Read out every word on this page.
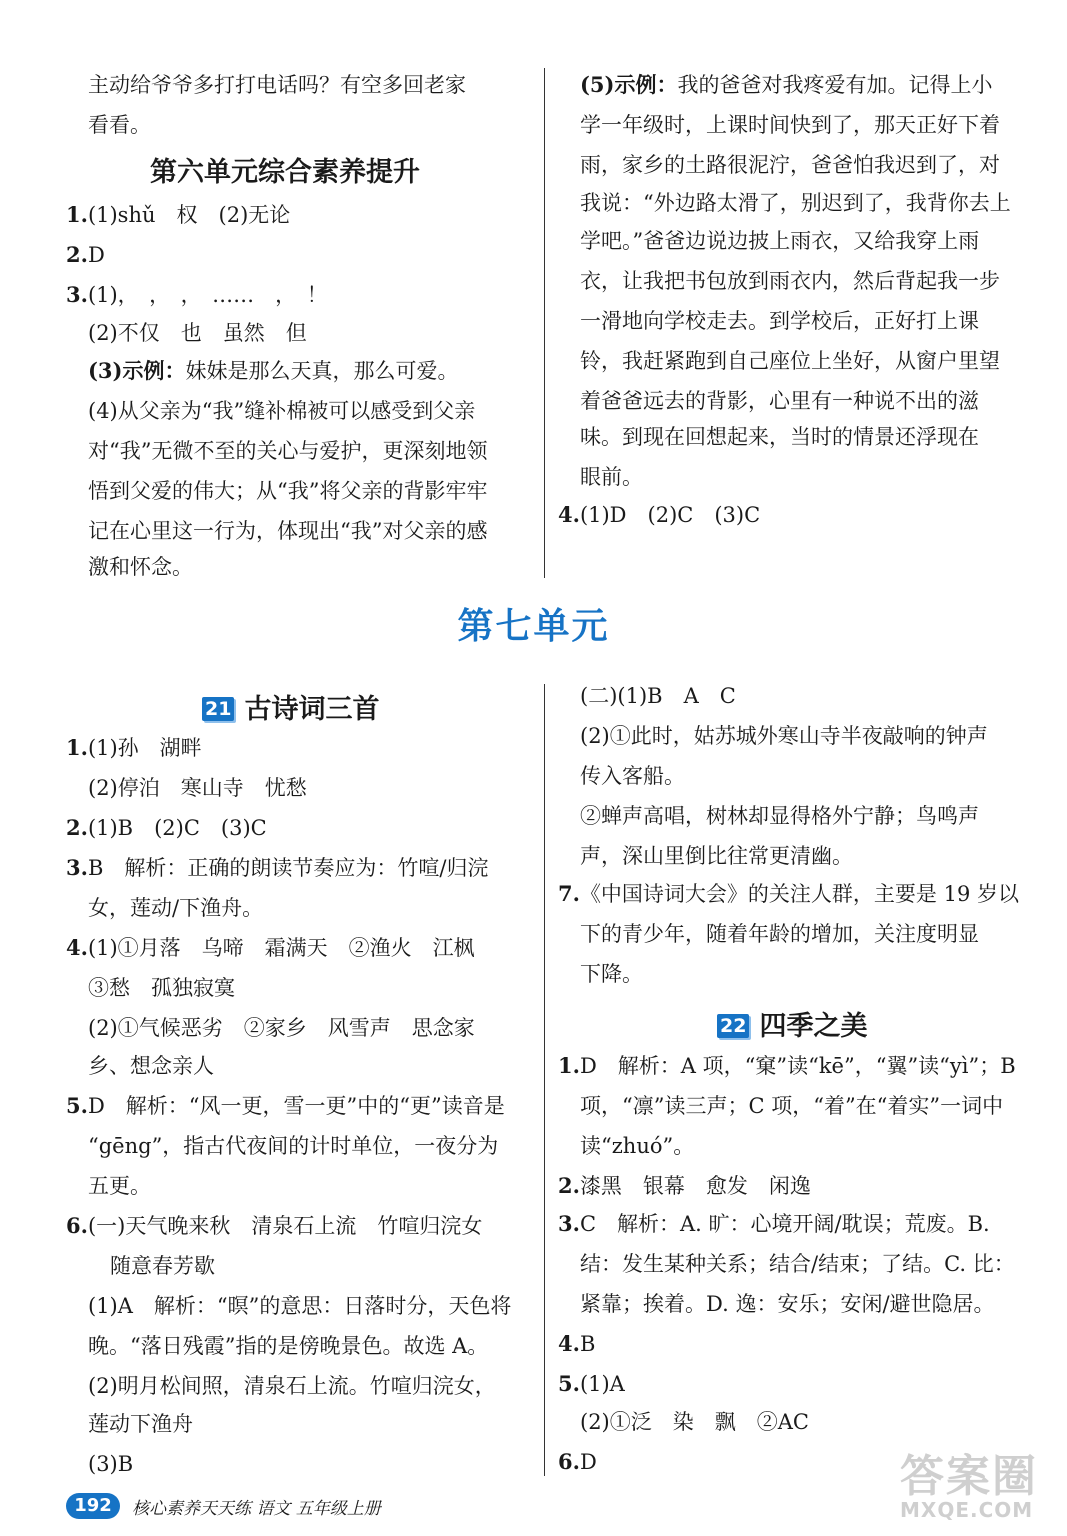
主动给爷爷多打打电话吗？有空多回老家
看看。
第六单元综合素养提升
1.(1)shǔ　权　(2)无论
2.D
3.(1)，　，　，　……　，　！
(2)不仅　也　虽然　但
(3)示例：妹妹是那么天真，那么可爱。
(4)从父亲为“我”缝补棉被可以感受到父亲
对“我”无微不至的关心与爱护，更深刻地领
悟到父爱的伟大；从“我”将父亲的背影牢牢
记在心里这一行为，体现出“我”对父亲的感
激和怀念。
(5)示例：我的爸爸对我疼爱有加。记得上小
学一年级时，上课时间快到了，那天正好下着
雨，家乡的土路很泥泞，爸爸怕我迟到了，对
我说：“外边路太滑了，别迟到了，我背你去上
学吧。”爸爸边说边披上雨衣，又给我穿上雨
衣，让我把书包放到雨衣内，然后背起我一步
一滑地向学校走去。到学校后，正好打上课
铃，我赶紧跑到自己座位上坐好，从窗户里望
着爸爸远去的背影，心里有一种说不出的滋
味。到现在回想起来，当时的情景还浮现在
眼前。
4.(1)D　(2)C　(3)C
第七单元
21 古诗词三首
1.(1)孙　湖畔
(2)停泊　寒山寺　忧愁
2.(1)B　(2)C　(3)C
3.B　解析：正确的朗读节奏应为：竹喧/归浣
女，莲动/下渔舟。
4.(1)①月落　乌啼　霜满天　②渔火　江枫
③愁　孤独寂寞
(2)①气候恶劣　②家乡　风雪声　思念家
乡、想念亲人
5.D　解析：“风一更，雪一更”中的“更”读音是
“gēng”，指古代夜间的计时单位，一夜分为
五更。
6.(一)天气晚来秋　清泉石上流　竹喧归浣女
随意春芳歇
(1)A　解析：“暝”的意思：日落时分，天色将
晚。“落日残霞”指的是傍晚景色。故选 A。
(2)明月松间照，清泉石上流。竹喧归浣女，
莲动下渔舟
(3)B
(二)(1)B　A　C
(2)①此时，姑苏城外寒山寺半夜敲响的钟声
传入客船。
②蝉声高唱，树林却显得格外宁静；鸟鸣声
声，深山里倒比往常更清幽。
7.《中国诗词大会》的关注人群，主要是 19 岁以
下的青少年，随着年龄的增加，关注度明显
下降。
22 四季之美
1.D　解析：A 项，“窠”读“kē”，“翼”读“yì”；B
项，“凛”读三声；C 项，“着”在“着实”一词中
读“zhuó”。
2.漆黑　银幕　愈发　闲逸
3.C　解析：A. 旷：心境开阔/耽误；荒废。B.
结：发生某种关系；结合/结束；了结。C. 比：
紧靠；挨着。D. 逸：安乐；安闲/避世隐居。
4.B
5.(1)A
(2)①泛　染　飘　②AC
6.D
192	核心素养天天练 语文 五年级上册
答案圈
MXQE.COM
